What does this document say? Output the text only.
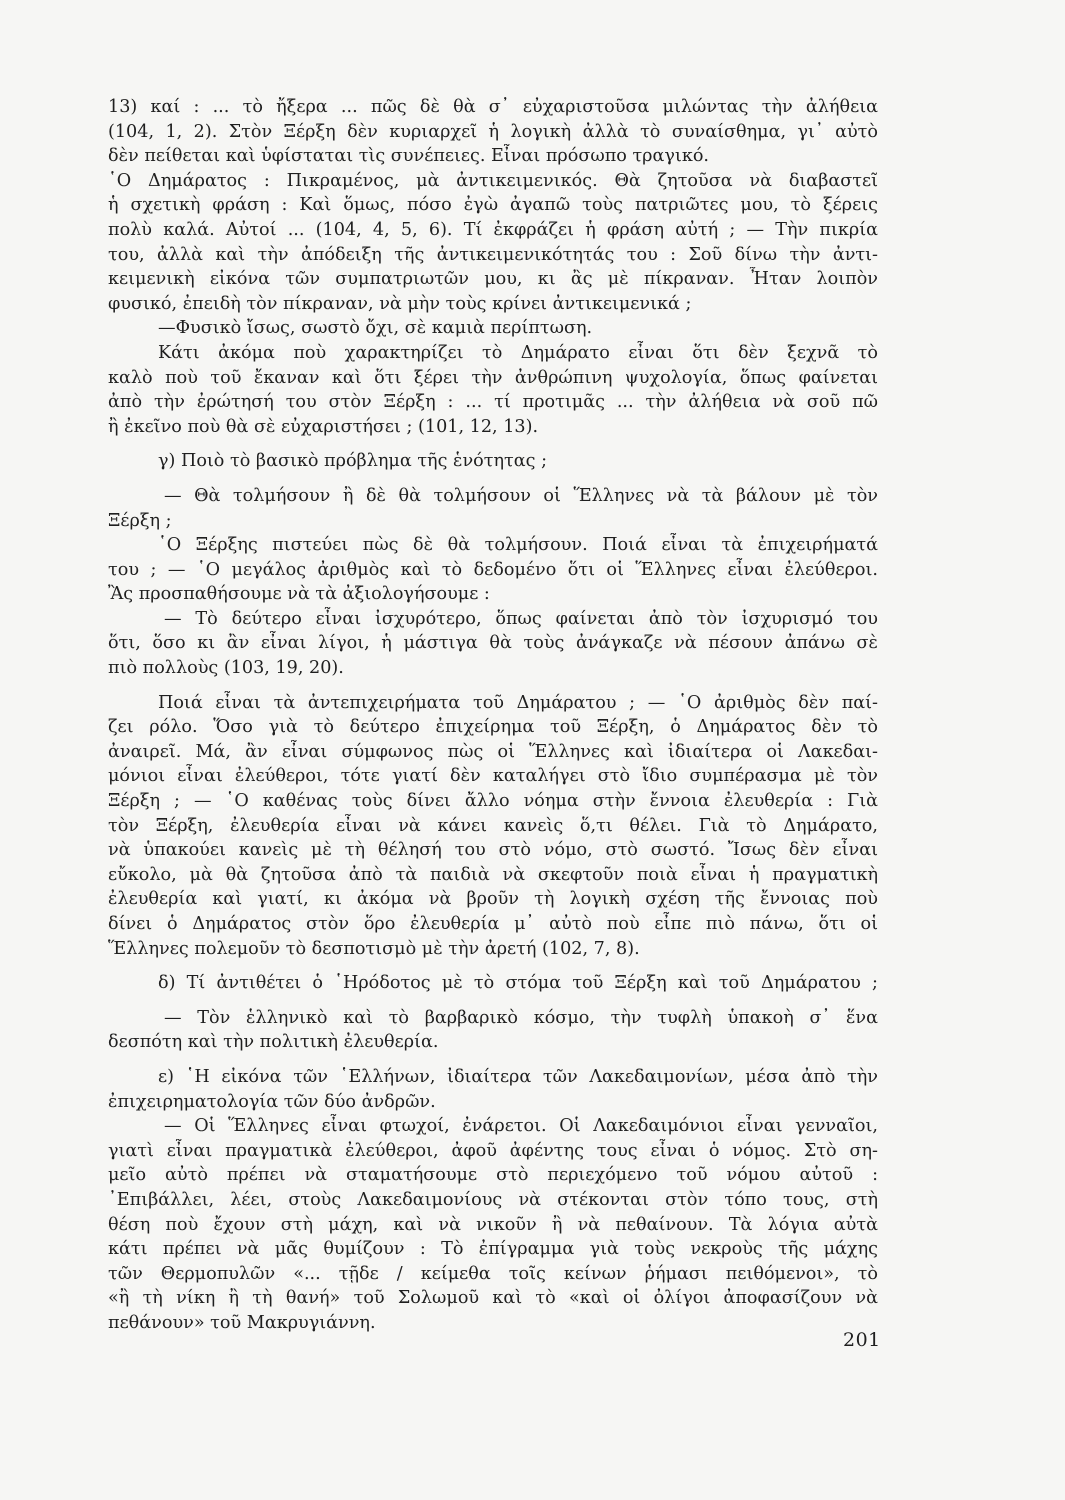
13) καί : ... τὸ ἤξερα ... πῶς δὲ θὰ σ᾽ εὐχαριστοῦσα μιλώντας τὴν ἀλήθεια
(104, 1, 2). Στὸν Ξέρξη δὲν κυριαρχεῖ ἡ λογικὴ ἀλλὰ τὸ συναίσθημα, γι᾽ αὐτὸ
δὲν πείθεται καὶ ὑφίσταται τὶς συνέπειες. Εἶναι πρόσωπο τραγικό.
῾Ο Δημάρατος : Πικραμένος, μὰ ἀντικειμενικός. Θὰ ζητοῦσα νὰ διαβαστεῖ
ἡ σχετικὴ φράση : Καὶ ὅμως, πόσο ἐγὼ ἀγαπῶ τοὺς πατριῶτες μου, τὸ ξέρεις
πολὺ καλά. Αὐτοί ... (104, 4, 5, 6). Τί ἐκφράζει ἡ φράση αὐτή ; — Τὴν πικρία
του, ἀλλὰ καὶ τὴν ἀπόδειξη τῆς ἀντικειμενικότητάς του : Σοῦ δίνω τὴν ἀντι-
κειμενικὴ εἰκόνα τῶν συμπατριωτῶν μου, κι ἂς μὲ πίκραναν. Ἦταν λοιπὸν
φυσικό, ἐπειδὴ τὸν πίκραναν, νὰ μὴν τοὺς κρίνει ἀντικειμενικά ;
—Φυσικὸ ἴσως, σωστὸ ὄχι, σὲ καμιὰ περίπτωση.
Κάτι ἀκόμα ποὺ χαρακτηρίζει τὸ Δημάρατο εἶναι ὅτι δὲν ξεχνᾶ τὸ
καλὸ ποὺ τοῦ ἔκαναν καὶ ὅτι ξέρει τὴν ἀνθρώπινη ψυχολογία, ὅπως φαίνεται
ἀπὸ τὴν ἐρώτησή του στὸν Ξέρξη : ... τί προτιμᾶς ... τὴν ἀλήθεια νὰ σοῦ πῶ
ἢ ἐκεῖνο ποὺ θὰ σὲ εὐχαριστήσει ; (101, 12, 13).
γ) Ποιὸ τὸ βασικὸ πρόβλημα τῆς ἑνότητας ;
— Θὰ τολμήσουν ἢ δὲ θὰ τολμήσουν οἱ Ἕλληνες νὰ τὰ βάλουν μὲ τὸν
Ξέρξη ;
῾Ο Ξέρξης πιστεύει πὼς δὲ θὰ τολμήσουν. Ποιά εἶναι τὰ ἐπιχειρήματά
του ; — ῾Ο μεγάλος ἀριθμὸς καὶ τὸ δεδομένο ὅτι οἱ Ἕλληνες εἶναι ἐλεύθεροι.
Ἂς προσπαθήσουμε νὰ τὰ ἀξιολογήσουμε :
— Τὸ δεύτερο εἶναι ἰσχυρότερο, ὅπως φαίνεται ἀπὸ τὸν ἰσχυρισμό του
ὅτι, ὅσο κι ἂν εἶναι λίγοι, ἡ μάστιγα θὰ τοὺς ἀνάγκαζε νὰ πέσουν ἀπάνω σὲ
πιὸ πολλοὺς (103, 19, 20).
Ποιά εἶναι τὰ ἀντεπιχειρήματα τοῦ Δημάρατου ; — ῾Ο ἀριθμὸς δὲν παί-
ζει ρόλο. Ὅσο γιὰ τὸ δεύτερο ἐπιχείρημα τοῦ Ξέρξη, ὁ Δημάρατος δὲν τὸ
ἀναιρεῖ. Μά, ἂν εἶναι σύμφωνος πὼς οἱ Ἕλληνες καὶ ἰδιαίτερα οἱ Λακεδαι-
μόνιοι εἶναι ἐλεύθεροι, τότε γιατί δὲν καταλήγει στὸ ἴδιο συμπέρασμα μὲ τὸν
Ξέρξη ; — ῾Ο καθένας τοὺς δίνει ἄλλο νόημα στὴν ἔννοια ἐλευθερία : Γιὰ
τὸν Ξέρξη, ἐλευθερία εἶναι νὰ κάνει κανεὶς ὅ,τι θέλει. Γιὰ τὸ Δημάρατο,
νὰ ὑπακούει κανεὶς μὲ τὴ θέλησή του στὸ νόμο, στὸ σωστό. Ἴσως δὲν εἶναι
εὔκολο, μὰ θὰ ζητοῦσα ἀπὸ τὰ παιδιὰ νὰ σκεφτοῦν ποιὰ εἶναι ἡ πραγματικὴ
ἐλευθερία καὶ γιατί, κι ἀκόμα νὰ βροῦν τὴ λογικὴ σχέση τῆς ἔννοιας ποὺ
δίνει ὁ Δημάρατος στὸν ὅρο ἐλευθερία μ᾽ αὐτὸ ποὺ εἶπε πιὸ πάνω, ὅτι οἱ
Ἕλληνες πολεμοῦν τὸ δεσποτισμὸ μὲ τὴν ἀρετή (102, 7, 8).
δ) Τί ἀντιθέτει ὁ ῾Ηρόδοτος μὲ τὸ στόμα τοῦ Ξέρξη καὶ τοῦ Δημάρατου ;
— Τὸν ἑλληνικὸ καὶ τὸ βαρβαρικὸ κόσμο, τὴν τυφλὴ ὑπακοὴ σ᾽ ἕνα
δεσπότη καὶ τὴν πολιτικὴ ἐλευθερία.
ε) ῾Η εἰκόνα τῶν ῾Ελλήνων, ἰδιαίτερα τῶν Λακεδαιμονίων, μέσα ἀπὸ τὴν
ἐπιχειρηματολογία τῶν δύο ἀνδρῶν.
— Οἱ Ἕλληνες εἶναι φτωχοί, ἐνάρετοι. Οἱ Λακεδαιμόνιοι εἶναι γενναῖοι,
γιατὶ εἶναι πραγματικὰ ἐλεύθεροι, ἀφοῦ ἀφέντης τους εἶναι ὁ νόμος. Στὸ ση-
μεῖο αὐτὸ πρέπει νὰ σταματήσουμε στὸ περιεχόμενο τοῦ νόμου αὐτοῦ :
᾽Επιβάλλει, λέει, στοὺς Λακεδαιμονίους νὰ στέκονται στὸν τόπο τους, στὴ
θέση ποὺ ἔχουν στὴ μάχη, καὶ νὰ νικοῦν ἢ νὰ πεθαίνουν. Τὰ λόγια αὐτὰ
κάτι πρέπει νὰ μᾶς θυμίζουν : Τὸ ἐπίγραμμα γιὰ τοὺς νεκροὺς τῆς μάχης
τῶν Θερμοπυλῶν «... τῇδε / κείμεθα τοῖς κείνων ῥήμασι πειθόμενοι», τὸ
«ἢ τὴ νίκη ἢ τὴ θανή» τοῦ Σολωμοῦ καὶ τὸ «καὶ οἱ ὀλίγοι ἀποφασίζουν νὰ
πεθάνουν» τοῦ Μακρυγιάννη.
201
